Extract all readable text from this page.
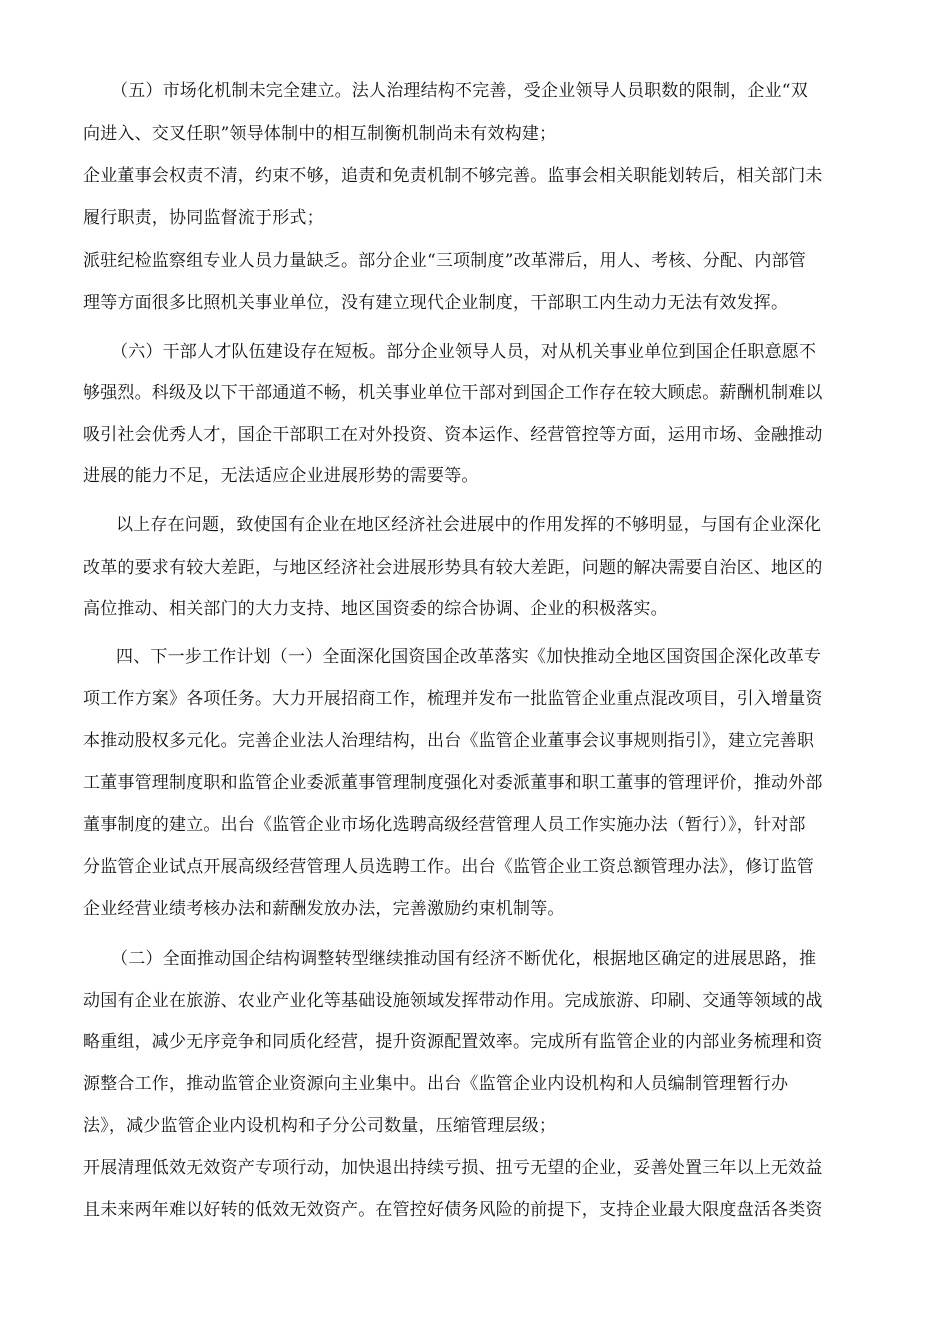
（五）市场化机制未完全建立。法人治理结构不完善，受企业领导人员职数的限制，企业“双
向进入、交叉任职”领导体制中的相互制衡机制尚未有效构建；
企业董事会权责不清，约束不够，追责和免责机制不够完善。监事会相关职能划转后，相关部门未
履行职责，协同监督流于形式；
派驻纪检监察组专业人员力量缺乏。部分企业“三项制度”改革滞后，用人、考核、分配、内部管
理等方面很多比照机关事业单位，没有建立现代企业制度，干部职工内生动力无法有效发挥。
（六）干部人才队伍建设存在短板。部分企业领导人员，对从机关事业单位到国企任职意愿不
够强烈。科级及以下干部通道不畅，机关事业单位干部对到国企工作存在较大顾虑。薪酬机制难以
吸引社会优秀人才，国企干部职工在对外投资、资本运作、经营管控等方面，运用市场、金融推动
进展的能力不足，无法适应企业进展形势的需要等。
以上存在问题，致使国有企业在地区经济社会进展中的作用发挥的不够明显，与国有企业深化
改革的要求有较大差距，与地区经济社会进展形势具有较大差距，问题的解决需要自治区、地区的
高位推动、相关部门的大力支持、地区国资委的综合协调、企业的积极落实。
四、下一步工作计划（一）全面深化国资国企改革落实《加快推动全地区国资国企深化改革专
项工作方案》各项任务。大力开展招商工作，梳理并发布一批监管企业重点混改项目，引入增量资
本推动股权多元化。完善企业法人治理结构，出台《监管企业董事会议事规则指引》，建立完善职
工董事管理制度职和监管企业委派董事管理制度强化对委派董事和职工董事的管理评价，推动外部
董事制度的建立。出台《监管企业市场化选聘高级经营管理人员工作实施办法（暂行）》，针对部
分监管企业试点开展高级经营管理人员选聘工作。出台《监管企业工资总额管理办法》，修订监管
企业经营业绩考核办法和薪酬发放办法，完善激励约束机制等。
（二）全面推动国企结构调整转型继续推动国有经济不断优化，根据地区确定的进展思路，推
动国有企业在旅游、农业产业化等基础设施领域发挥带动作用。完成旅游、印刷、交通等领域的战
略重组，减少无序竞争和同质化经营，提升资源配置效率。完成所有监管企业的内部业务梳理和资
源整合工作，推动监管企业资源向主业集中。出台《监管企业内设机构和人员编制管理暂行办
法》，减少监管企业内设机构和子分公司数量，压缩管理层级；
开展清理低效无效资产专项行动，加快退出持续亏损、扭亏无望的企业，妥善处置三年以上无效益
且未来两年难以好转的低效无效资产。在管控好债务风险的前提下，支持企业最大限度盘活各类资
